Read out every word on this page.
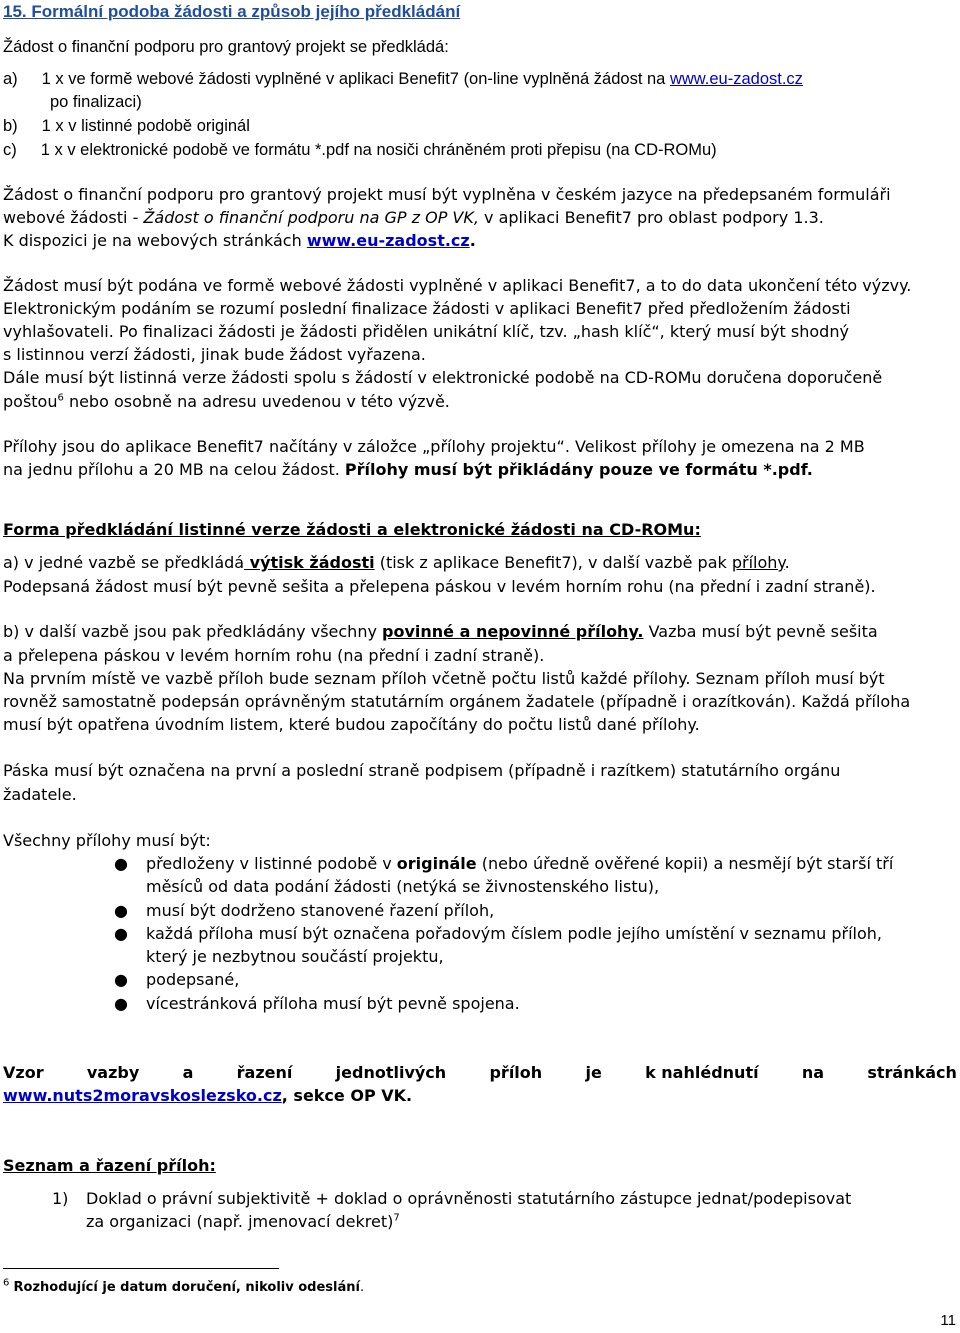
15. Formální podoba žádosti a způsob jejího předkládání
Žádost o finanční podporu pro grantový projekt se předkládá:
a) 1 x ve formě webové žádosti vyplněné v aplikaci Benefit7 (on-line vyplněná žádost na www.eu-zadost.cz
po finalizaci)
b) 1 x v listinné podobě originál
c) 1 x v elektronické podobě ve formátu *.pdf na nosiči chráněném proti přepisu (na CD-ROMu)
Žádost o finanční podporu pro grantový projekt musí být vyplněna v českém jazyce na předepsaném formuláři
webové žádosti - Žádost o finanční podporu na GP z OP VK, v aplikaci Benefit7 pro oblast podpory 1.3.
K dispozici je na webových stránkách www.eu-zadost.cz.
Žádost musí být podána ve formě webové žádosti vyplněné v aplikaci Benefit7, a to do data ukončení této výzvy.
Elektronickým podáním se rozumí poslední finalizace žádosti v aplikaci Benefit7 před předložením žádosti
vyhlašovateli. Po finalizaci žádosti je žádosti přidělen unikátní klíč, tzv. „hash klíč“, který musí být shodný
s listinnou verzí žádosti, jinak bude žádost vyřazena.
Dále musí být listinná verze žádosti spolu s žádostí v elektronické podobě na CD-ROMu doručena doporučeně
poštou$^6$ nebo osobně na adresu uvedenou v této výzvě.
Přílohy jsou do aplikace Benefit7 načítány v záložce „přílohy projektu“. Velikost přílohy je omezena na 2 MB
na jednu přílohu a 20 MB na celou žádost. Přílohy musí být přikládány pouze ve formátu *.pdf.
Forma předkládání listinné verze žádosti a elektronické žádosti na CD-ROMu:
a) v jedné vazbě se předkládá výtisk žádosti (tisk z aplikace Benefit7), v další vazbě pak přílohy.
Podepsaná žádost musí být pevně sešita a přelepena páskou v levém horním rohu (na přední i zadní straně).
b) v další vazbě jsou pak předkládány všechny povinné a nepovinné přílohy. Vazba musí být pevně sešita
a přelepena páskou v levém horním rohu (na přední i zadní straně).
Na prvním místě ve vazbě příloh bude seznam příloh včetně počtu listů každé přílohy. Seznam příloh musí být
rovněž samostatně podepsán oprávněným statutárním orgánem žadatele (případně i orazítkován). Každá příloha
musí být opatřena úvodním listem, které budou započítány do počtu listů dané přílohy.
Páska musí být označena na první a poslední straně podpisem (případně i razítkem) statutárního orgánu
žadatele.
Všechny přílohy musí být:
● předloženy v listinné podobě v originále (nebo úředně ověřené kopii) a nesmějí být starší tří
měsíců od data podání žádosti (netýká se živnostenského listu),
● musí být dodrženo stanovené řazení příloh,
● každá příloha musí být označena pořadovým číslem podle jejího umístění v seznamu příloh,
který je nezbytnou součástí projektu,
● podepsané,
● vícestránková příloha musí být pevně spojena.
Vzor	vazby	a	řazení	jednotlivých	příloh	je	k nahlédnutí	na	stránkách
www.nuts2moravskoslezsko.cz, sekce OP VK.
Seznam a řazení příloh:
1) Doklad o právní subjektivitě + doklad o oprávněnosti statutárního zástupce jednat/podepisovat
za organizaci (např. jmenovací dekret)$^7$
$^6$ Rozhodující je datum doručení, nikoliv odeslání.
11
